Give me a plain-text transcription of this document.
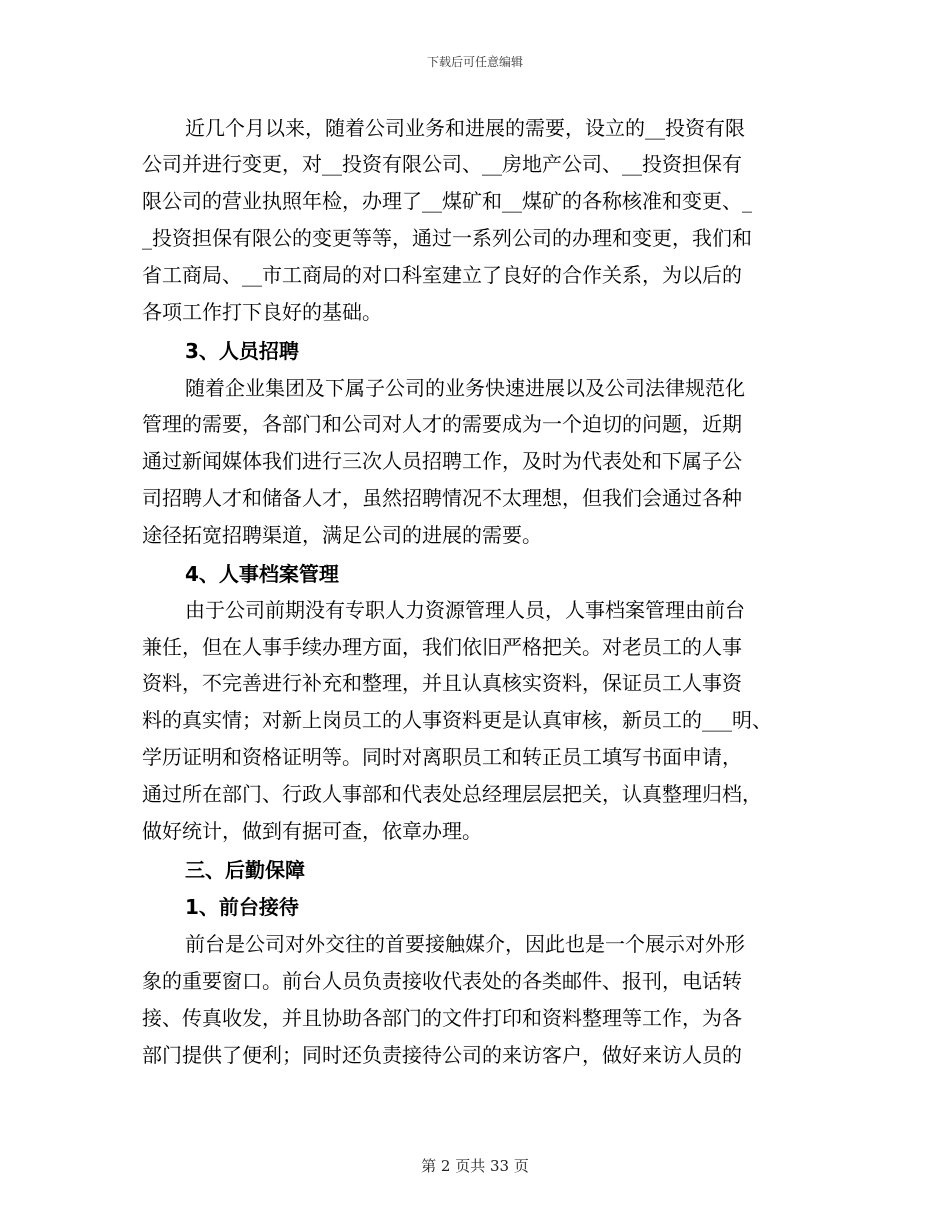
下载后可任意编辑
近几个月以来，随着公司业务和进展的需要，设立的__投资有限
公司并进行变更，对__投资有限公司、__房地产公司、__投资担保有
限公司的营业执照年检，办理了__煤矿和__煤矿的各称核准和变更、_
_投资担保有限公的变更等等，通过一系列公司的办理和变更，我们和
省工商局、__市工商局的对口科室建立了良好的合作关系，为以后的
各项工作打下良好的基础。
3、人员招聘
随着企业集团及下属子公司的业务快速进展以及公司法律规范化
管理的需要，各部门和公司对人才的需要成为一个迫切的问题，近期
通过新闻媒体我们进行三次人员招聘工作，及时为代表处和下属子公
司招聘人才和储备人才，虽然招聘情况不太理想，但我们会通过各种
途径拓宽招聘渠道，满足公司的进展的需要。
4、人事档案管理
由于公司前期没有专职人力资源管理人员，人事档案管理由前台
兼任，但在人事手续办理方面，我们依旧严格把关。对老员工的人事
资料，不完善进行补充和整理，并且认真核实资料，保证员工人事资
料的真实情；对新上岗员工的人事资料更是认真审核，新员工的___明、
学历证明和资格证明等。同时对离职员工和转正员工填写书面申请，
通过所在部门、行政人事部和代表处总经理层层把关，认真整理归档，
做好统计，做到有据可查，依章办理。
三、后勤保障
1、前台接待
前台是公司对外交往的首要接触媒介，因此也是一个展示对外形
象的重要窗口。前台人员负责接收代表处的各类邮件、报刊，电话转
接、传真收发，并且协助各部门的文件打印和资料整理等工作，为各
部门提供了便利；同时还负责接待公司的来访客户，做好来访人员的
第 2 页共 33 页
